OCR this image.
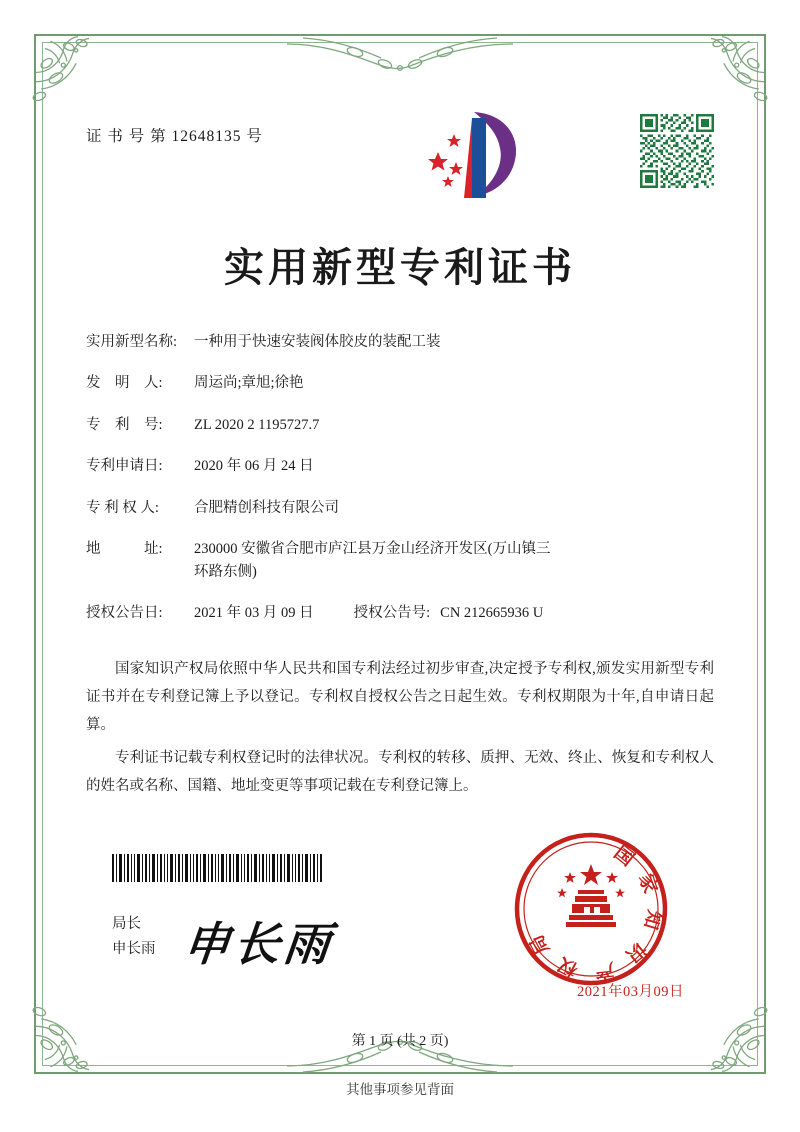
证 书 号 第 12648135 号
实用新型专利证书
实用新型名称:	一种用于快速安装阀体胶皮的装配工装
发　明　人:	周运尚;章旭;徐艳
专　利　号:	ZL 2020 2 1195727.7
专利申请日:	2020 年 06 月 24 日
专 利 权 人:	合肥精创科技有限公司
地　　　址:	230000 安徽省合肥市庐江县万金山经济开发区(万山镇三
环路东侧)
授权公告日:	2021 年 03 月 09 日	授权公告号: CN 212665936 U

国家知识产权局依照中华人民共和国专利法经过初步审查,决定授予专利权,颁发实用新型专利证书并在专利登记簿上予以登记。专利权自授权公告之日起生效。专利权期限为十年,自申请日起算。

专利证书记载专利权登记时的法律状况。专利权的转移、质押、无效、终止、恢复和专利权人的姓名或名称、国籍、地址变更等事项记载在专利登记簿上。

局长
申长雨 申长雨
国家知识产权局
2021年03月09日
第 1 页 (共 2 页)
其他事项参见背面
